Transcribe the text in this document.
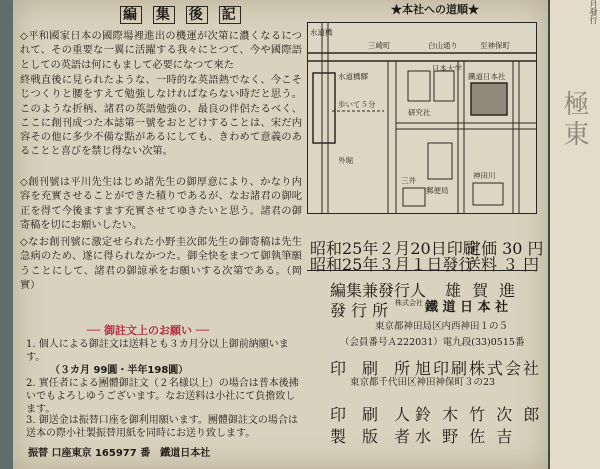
月發行
極東
編 集 後 記

◇平和國家日本の國際場裡進出の機運が次第に濃くなるにつれて、その重要な一翼に活躍する我々にとつて、今や國際語としての英語は何にもまして必要になつて來た

終戦直後に見られたような、一時的な英語熱でなく、今こそじつくりと腰をすえて勉強しなければならない時だと思う。このような折柄、諸君の英語勉強の、最良の伴侶たるべく、ここに創刊成つた本誌第一號をおとどけすることは、宋だ内容その他に多少不備な點があるにしても、きわめて意義のあることと喜びを禁じ得ない次第。

◇創刊號は平川先生はじめ諸先生の御厚意により、かなり内容を充實させることができた積りであるが、なお諸君の御叱正を得て今後ますます充實させてゆきたいと思う。諸君の御寄稿を切にお願いしたい。

◇なお創刊號に激定せられた小野圭次郎先生の御寄稿は先生急病のため、遂に得られなかつた。御全快をまつて御執筆願うことにして、諸君の御諒承をお願いする次第である。（岡 實）

── 御註文上のお願い ──

1. 個人による御註文は送料とも３カ月分以上御前納願います。

（３カ月 99圓・半年198圓）

2. 實任者による團體御註文（２名様以上）の場合は普本後拂いでもよろしゆうございます。なお送料は小社にて負擔致します。

3. 御送金は振替口座を御利用願います。團體御註文の場合は送本の際小社製振替用紙を同時にお送り致します。

振替 口座東京 165977 番　鐵道日本社
★本社への道順★
水道橋
三崎町	白山通り	至神保町
水道橋驛
研究社
日本大学
鐵道日本社
歩いて５分
郵便局
三井
外堀
神田川
昭和25年２月20日印刷
昭和25年３月１日發行
定価 30 円
送料 ３ 円
編集兼發行人 雄 賀 進
發 行 所 株式会社 鐵 道 日 本 社
東京都神田局区内西神田１の５
（会員番号Ａ222031）電九段(33)0515番
印　刷　所 旭印刷株式会社
東京都千代田区神田神保町３の23
印　刷　人 鈴 木 竹 次 郎
製　版　者 水 野 佐 吉
